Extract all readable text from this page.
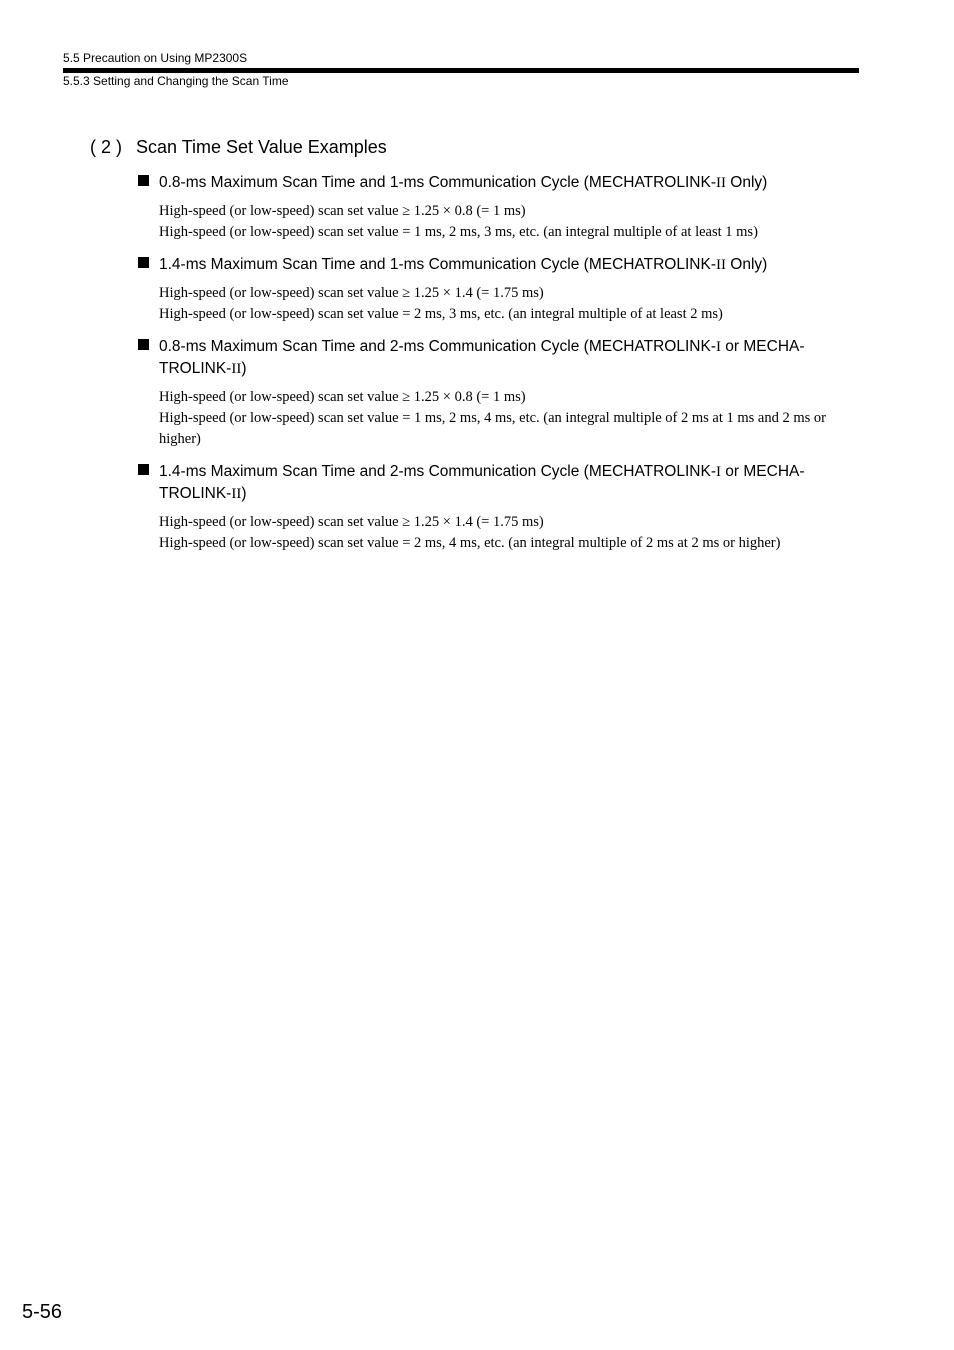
5.5 Precaution on Using MP2300S
5.5.3 Setting and Changing the Scan Time
( 2 ) Scan Time Set Value Examples
0.8-ms Maximum Scan Time and 1-ms Communication Cycle (MECHATROLINK-II Only)
High-speed (or low-speed) scan set value ≥ 1.25 × 0.8 (= 1 ms)
High-speed (or low-speed) scan set value = 1 ms, 2 ms, 3 ms, etc. (an integral multiple of at least 1 ms)
1.4-ms Maximum Scan Time and 1-ms Communication Cycle (MECHATROLINK-II Only)
High-speed (or low-speed) scan set value ≥ 1.25 × 1.4 (= 1.75 ms)
High-speed (or low-speed) scan set value = 2 ms, 3 ms, etc. (an integral multiple of at least 2 ms)
0.8-ms Maximum Scan Time and 2-ms Communication Cycle (MECHATROLINK-I or MECHA-
TROLINK-II)
High-speed (or low-speed) scan set value ≥ 1.25 × 0.8 (= 1 ms)
High-speed (or low-speed) scan set value = 1 ms, 2 ms, 4 ms, etc. (an integral multiple of 2 ms at 1 ms and 2 ms or higher)
1.4-ms Maximum Scan Time and 2-ms Communication Cycle (MECHATROLINK-I or MECHA-
TROLINK-II)
High-speed (or low-speed) scan set value ≥ 1.25 × 1.4 (= 1.75 ms)
High-speed (or low-speed) scan set value = 2 ms, 4 ms, etc. (an integral multiple of 2 ms at 2 ms or higher)
5-56
